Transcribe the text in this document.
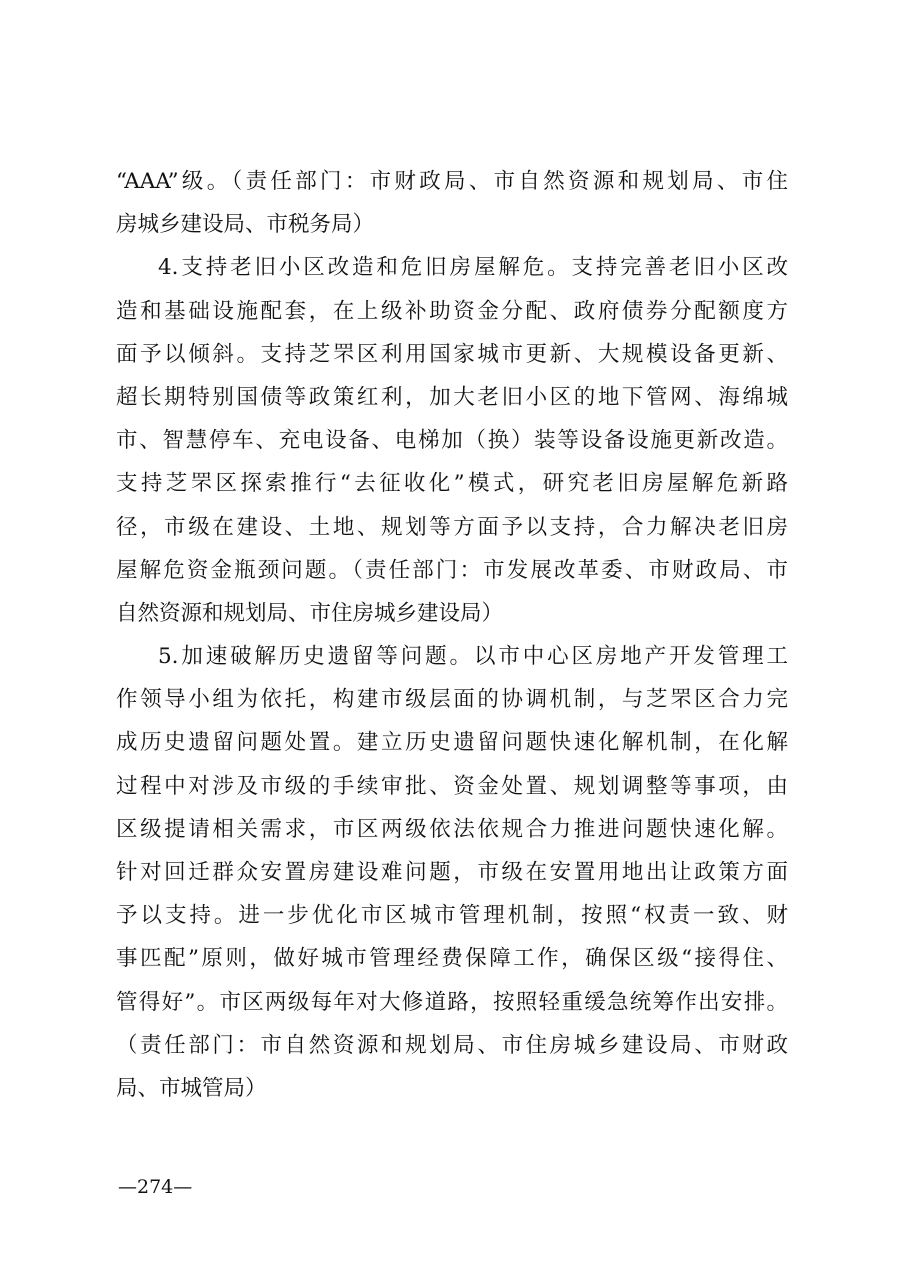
“AAA”级。（责任部门：市财政局、市自然资源和规划局、市住
房城乡建设局、市税务局）
4.支持老旧小区改造和危旧房屋解危。支持完善老旧小区改
造和基础设施配套，在上级补助资金分配、政府债券分配额度方
面予以倾斜。支持芝罘区利用国家城市更新、大规模设备更新、
超长期特别国债等政策红利，加大老旧小区的地下管网、海绵城
市、智慧停车、充电设备、电梯加（换）装等设备设施更新改造。
支持芝罘区探索推行“去征收化”模式，研究老旧房屋解危新路
径，市级在建设、土地、规划等方面予以支持，合力解决老旧房
屋解危资金瓶颈问题。（责任部门：市发展改革委、市财政局、市
自然资源和规划局、市住房城乡建设局）
5.加速破解历史遗留等问题。以市中心区房地产开发管理工
作领导小组为依托，构建市级层面的协调机制，与芝罘区合力完
成历史遗留问题处置。建立历史遗留问题快速化解机制，在化解
过程中对涉及市级的手续审批、资金处置、规划调整等事项，由
区级提请相关需求，市区两级依法依规合力推进问题快速化解。
针对回迁群众安置房建设难问题，市级在安置用地出让政策方面
予以支持。进一步优化市区城市管理机制，按照“权责一致、财
事匹配”原则，做好城市管理经费保障工作，确保区级“接得住、
管得好”。市区两级每年对大修道路，按照轻重缓急统筹作出安排。
（责任部门：市自然资源和规划局、市住房城乡建设局、市财政
局、市城管局）
—274—
